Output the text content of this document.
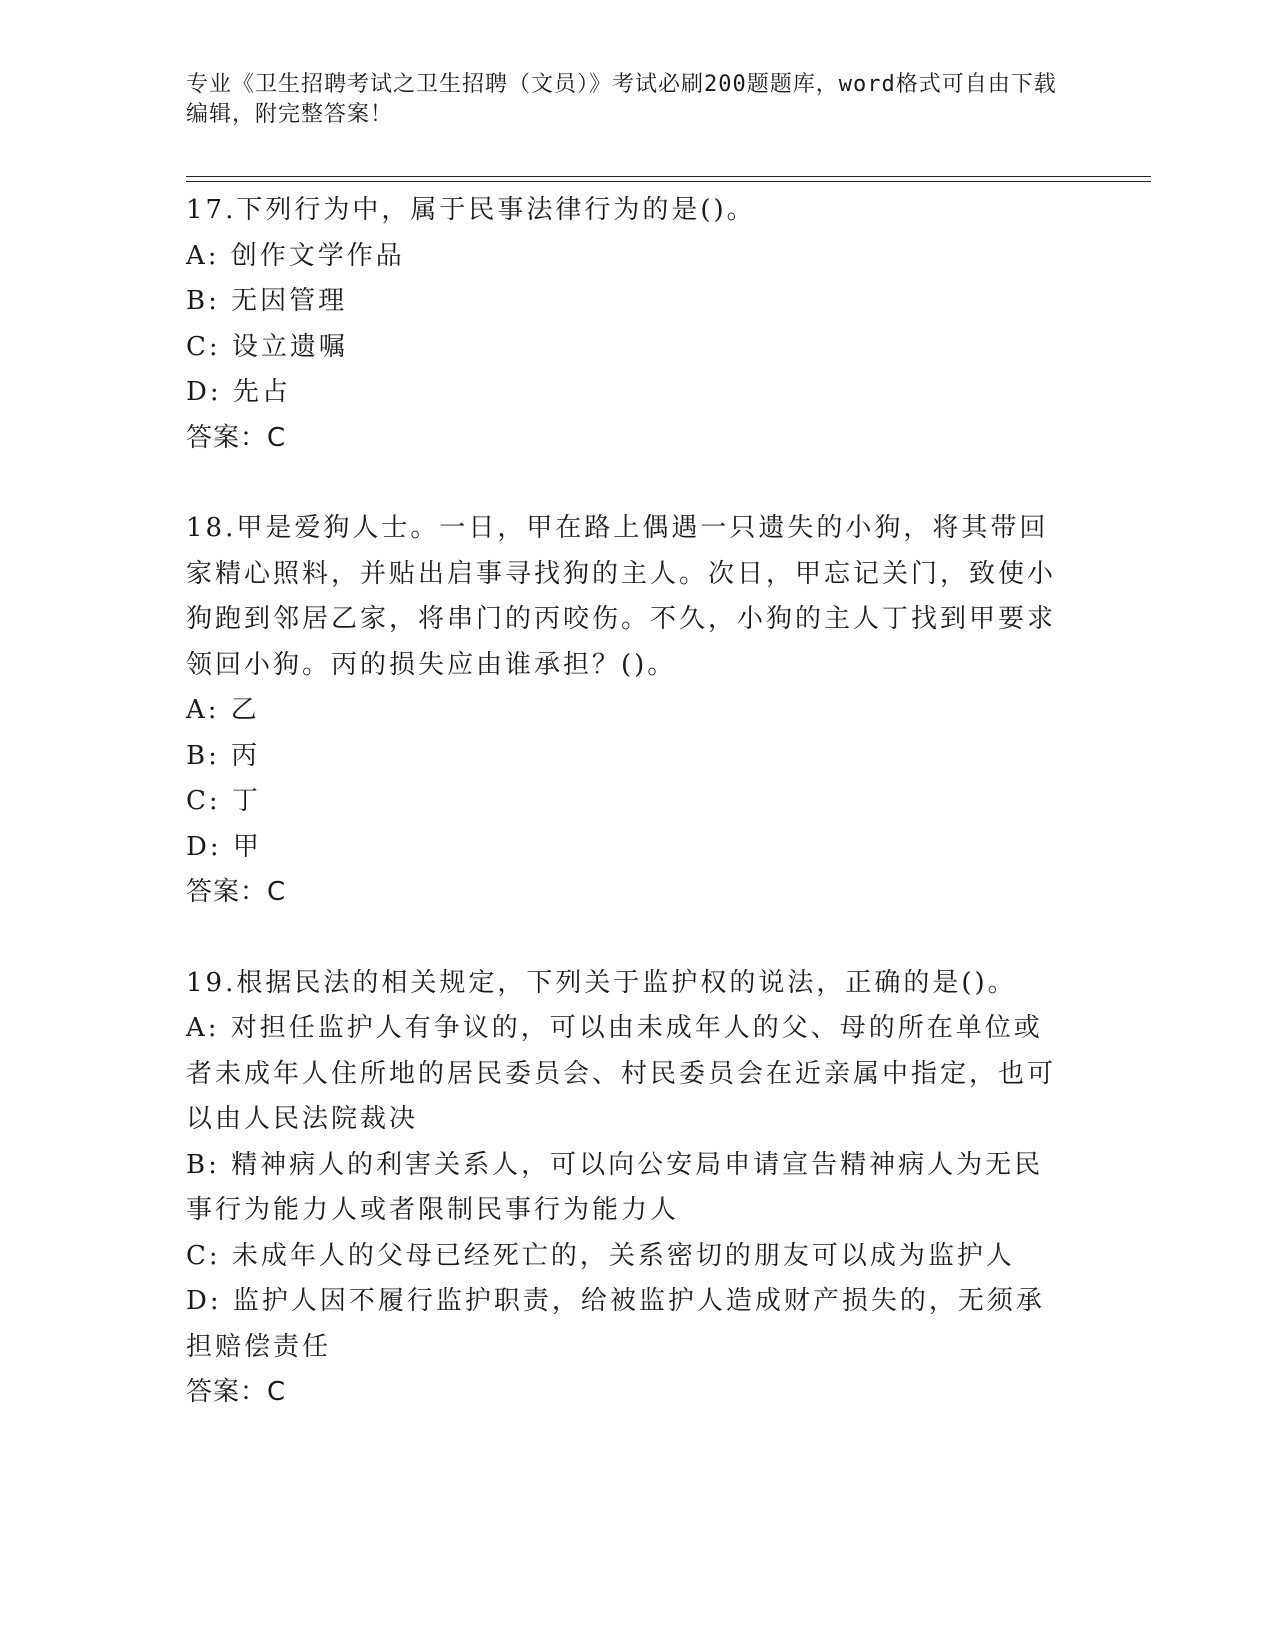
专业《卫生招聘考试之卫生招聘（文员）》考试必刷200题题库，word格式可自由下载编辑，附完整答案！
17.下列行为中，属于民事法律行为的是()。
A: 创作文学作品
B: 无因管理
C: 设立遗嘱
D: 先占
答案：C
18.甲是爱狗人士。一日，甲在路上偶遇一只遗失的小狗，将其带回家精心照料，并贴出启事寻找狗的主人。次日，甲忘记关门，致使小狗跑到邻居乙家，将串门的丙咬伤。不久，小狗的主人丁找到甲要求领回小狗。丙的损失应由谁承担？()。
A: 乙
B: 丙
C: 丁
D: 甲
答案：C
19.根据民法的相关规定，下列关于监护权的说法，正确的是()。
A: 对担任监护人有争议的，可以由未成年人的父、母的所在单位或者未成年人住所地的居民委员会、村民委员会在近亲属中指定，也可以由人民法院裁决
B: 精神病人的利害关系人，可以向公安局申请宣告精神病人为无民事行为能力人或者限制民事行为能力人
C: 未成年人的父母已经死亡的，关系密切的朋友可以成为监护人
D: 监护人因不履行监护职责，给被监护人造成财产损失的，无须承担赔偿责任
答案：C
